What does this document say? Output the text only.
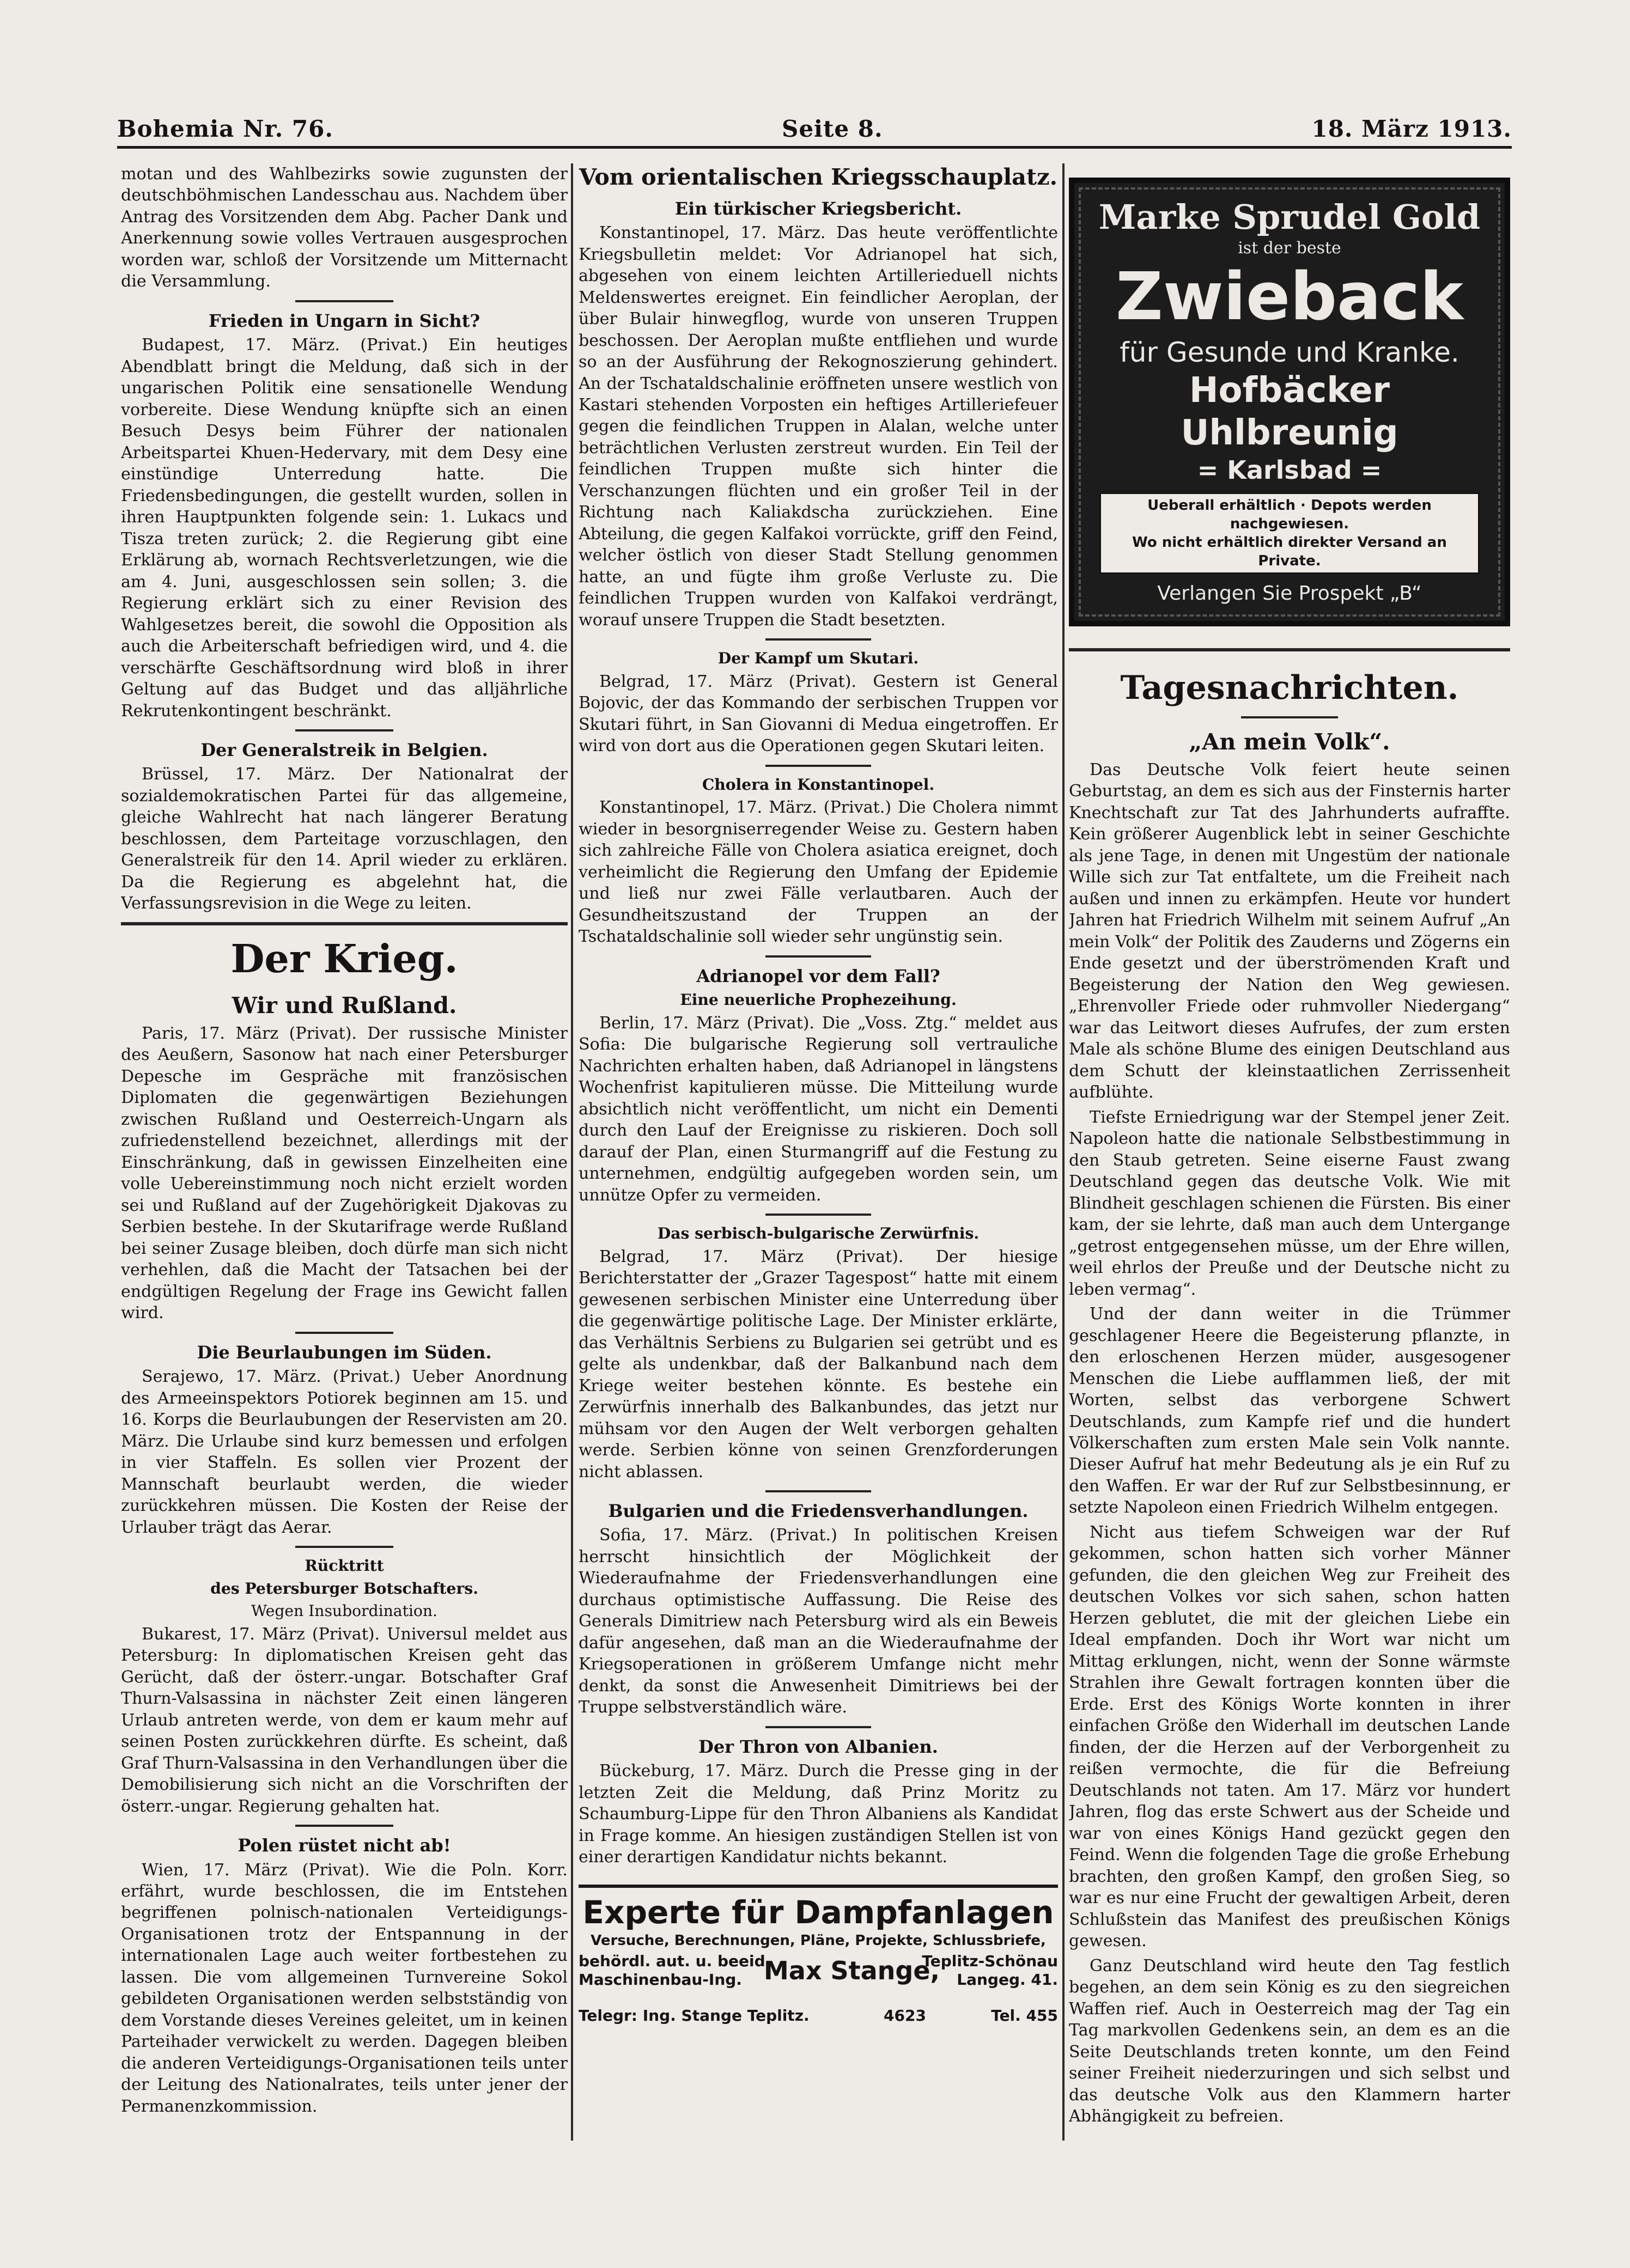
Bohemia Nr. 76.	Seite 8.	18. März 1913.

motan und des Wahlbezirks sowie zugunsten der deutschböhmischen Landesschau aus. Nachdem über Antrag des Vorsitzenden dem Abg. Pacher Dank und Anerkennung sowie volles Vertrauen ausgesprochen worden war, schloß der Vorsitzende um Mitternacht die Versammlung.

Frieden in Ungarn in Sicht?

Budapest, 17. März. (Privat.) Ein heutiges Abendblatt bringt die Meldung, daß sich in der ungarischen Politik eine sensationelle Wendung vorbereite. Diese Wendung knüpfte sich an einen Besuch Desys beim Führer der nationalen Arbeitspartei Khuen-Hedervary, mit dem Desy eine einstündige Unterredung hatte. Die Friedensbedingungen, die gestellt wurden, sollen in ihren Hauptpunkten folgende sein: 1. Lukacs und Tisza treten zurück; 2. die Regierung gibt eine Erklärung ab, wornach Rechtsverletzungen, wie die am 4. Juni, ausgeschlossen sein sollen; 3. die Regierung erklärt sich zu einer Revision des Wahlgesetzes bereit, die sowohl die Opposition als auch die Arbeiterschaft befriedigen wird, und 4. die verschärfte Geschäftsordnung wird bloß in ihrer Geltung auf das Budget und das alljährliche Rekrutenkontingent beschränkt.

Der Generalstreik in Belgien.

Brüssel, 17. März. Der Nationalrat der sozialdemokratischen Partei für das allgemeine, gleiche Wahlrecht hat nach längerer Beratung beschlossen, dem Parteitage vorzuschlagen, den Generalstreik für den 14. April wieder zu erklären. Da die Regierung es abgelehnt hat, die Verfassungsrevision in die Wege zu leiten.

Der Krieg.
Wir und Rußland.

Paris, 17. März (Privat). Der russische Minister des Aeußern, Sasonow hat nach einer Petersburger Depesche im Gespräche mit französischen Diplomaten die gegenwärtigen Beziehungen zwischen Rußland und Oesterreich-Ungarn als zufriedenstellend bezeichnet, allerdings mit der Einschränkung, daß in gewissen Einzelheiten eine volle Uebereinstimmung noch nicht erzielt worden sei und Rußland auf der Zugehörigkeit Djakovas zu Serbien bestehe. In der Skutarifrage werde Rußland bei seiner Zusage bleiben, doch dürfe man sich nicht verhehlen, daß die Macht der Tatsachen bei der endgültigen Regelung der Frage ins Gewicht fallen wird.

Die Beurlaubungen im Süden.

Serajewo, 17. März. (Privat.) Ueber Anordnung des Armeeinspektors Potiorek beginnen am 15. und 16. Korps die Beurlaubungen der Reservisten am 20. März. Die Urlaube sind kurz bemessen und erfolgen in vier Staffeln. Es sollen vier Prozent der Mannschaft beurlaubt werden, die wieder zurückkehren müssen. Die Kosten der Reise der Urlauber trägt das Aerar.

Rücktritt
des Petersburger Botschafters.
Wegen Insubordination.

Bukarest, 17. März (Privat). Universul meldet aus Petersburg: In diplomatischen Kreisen geht das Gerücht, daß der österr.-ungar. Botschafter Graf Thurn-Valsassina in nächster Zeit einen längeren Urlaub antreten werde, von dem er kaum mehr auf seinen Posten zurückkehren dürfte. Es scheint, daß Graf Thurn-Valsassina in den Verhandlungen über die Demobilisierung sich nicht an die Vorschriften der österr.-ungar. Regierung gehalten hat.

Polen rüstet nicht ab!

Wien, 17. März (Privat). Wie die Poln. Korr. erfährt, wurde beschlossen, die im Entstehen begriffenen polnisch-nationalen Verteidigungs-Organisationen trotz der Entspannung in der internationalen Lage auch weiter fortbestehen zu lassen. Die vom allgemeinen Turnvereine Sokol gebildeten Organisationen werden selbstständig von dem Vorstande dieses Vereines geleitet, um in keinen Parteihader verwickelt zu werden. Dagegen bleiben die anderen Verteidigungs-Organisationen teils unter der Leitung des Nationalrates, teils unter jener der Permanenzkommission.

Vom orientalischen Kriegsschauplatz.
Ein türkischer Kriegsbericht.

Konstantinopel, 17. März. Das heute veröffentlichte Kriegsbulletin meldet: Vor Adrianopel hat sich, abgesehen von einem leichten Artillerieduell nichts Meldenswertes ereignet. Ein feindlicher Aeroplan, der über Bulair hinwegflog, wurde von unseren Truppen beschossen. Der Aeroplan mußte entfliehen und wurde so an der Ausführung der Rekognoszierung gehindert. An der Tschataldschalinie eröffneten unsere westlich von Kastari stehenden Vorposten ein heftiges Artilleriefeuer gegen die feindlichen Truppen in Alalan, welche unter beträchtlichen Verlusten zerstreut wurden. Ein Teil der feindlichen Truppen mußte sich hinter die Verschanzungen flüchten und ein großer Teil in der Richtung nach Kaliakdscha zurückziehen. Eine Abteilung, die gegen Kalfakoi vorrückte, griff den Feind, welcher östlich von dieser Stadt Stellung genommen hatte, an und fügte ihm große Verluste zu. Die feindlichen Truppen wurden von Kalfakoi verdrängt, worauf unsere Truppen die Stadt besetzten.

Der Kampf um Skutari.

Belgrad, 17. März (Privat). Gestern ist General Bojovic, der das Kommando der serbischen Truppen vor Skutari führt, in San Giovanni di Medua eingetroffen. Er wird von dort aus die Operationen gegen Skutari leiten.

Cholera in Konstantinopel.

Konstantinopel, 17. März. (Privat.) Die Cholera nimmt wieder in besorgniserregender Weise zu. Gestern haben sich zahlreiche Fälle von Cholera asiatica ereignet, doch verheimlicht die Regierung den Umfang der Epidemie und ließ nur zwei Fälle verlautbaren. Auch der Gesundheitszustand der Truppen an der Tschataldschalinie soll wieder sehr ungünstig sein.

Adrianopel vor dem Fall?
Eine neuerliche Prophezeihung.

Berlin, 17. März (Privat). Die „Voss. Ztg.“ meldet aus Sofia: Die bulgarische Regierung soll vertrauliche Nachrichten erhalten haben, daß Adrianopel in längstens Wochenfrist kapitulieren müsse. Die Mitteilung wurde absichtlich nicht veröffentlicht, um nicht ein Dementi durch den Lauf der Ereignisse zu riskieren. Doch soll darauf der Plan, einen Sturmangriff auf die Festung zu unternehmen, endgültig aufgegeben worden sein, um unnütze Opfer zu vermeiden.

Das serbisch-bulgarische Zerwürfnis.

Belgrad, 17. März (Privat). Der hiesige Berichterstatter der „Grazer Tagespost“ hatte mit einem gewesenen serbischen Minister eine Unterredung über die gegenwärtige politische Lage. Der Minister erklärte, das Verhältnis Serbiens zu Bulgarien sei getrübt und es gelte als undenkbar, daß der Balkanbund nach dem Kriege weiter bestehen könnte. Es bestehe ein Zerwürfnis innerhalb des Balkanbundes, das jetzt nur mühsam vor den Augen der Welt verborgen gehalten werde. Serbien könne von seinen Grenzforderungen nicht ablassen.

Bulgarien und die Friedensverhandlungen.

Sofia, 17. März. (Privat.) In politischen Kreisen herrscht hinsichtlich der Möglichkeit der Wiederaufnahme der Friedensverhandlungen eine durchaus optimistische Auffassung. Die Reise des Generals Dimitriew nach Petersburg wird als ein Beweis dafür angesehen, daß man an die Wiederaufnahme der Kriegsoperationen in größerem Umfange nicht mehr denkt, da sonst die Anwesenheit Dimitriews bei der Truppe selbstverständlich wäre.

Der Thron von Albanien.

Bückeburg, 17. März. Durch die Presse ging in der letzten Zeit die Meldung, daß Prinz Moritz zu Schaumburg-Lippe für den Thron Albaniens als Kandidat in Frage komme. An hiesigen zuständigen Stellen ist von einer derartigen Kandidatur nichts bekannt.

Experte für Dampfanlagen
Versuche, Berechnungen, Pläne, Projekte, Schlussbriefe,
behördl. aut. u. beeid.
Maschinenbau-Ing. Max Stange,
Teplitz-Schönau
Langeg. 41.
Telegr: Ing. Stange Teplitz.	4623	Tel. 455
Marke Sprudel Gold
ist der beste
Zwieback
für Gesunde und Kranke.
Hofbäcker Uhlbreunig
= Karlsbad =
Ueberall erhältlich · Depots werden nachgewiesen.
Wo nicht erhältlich direkter Versand an Private.
Verlangen Sie Prospekt „B“
Tagesnachrichten.
„An mein Volk“.

Das Deutsche Volk feiert heute seinen Geburtstag, an dem es sich aus der Finsternis harter Knechtschaft zur Tat des Jahrhunderts aufraffte. Kein größerer Augenblick lebt in seiner Geschichte als jene Tage, in denen mit Ungestüm der nationale Wille sich zur Tat entfaltete, um die Freiheit nach außen und innen zu erkämpfen. Heute vor hundert Jahren hat Friedrich Wilhelm mit seinem Aufruf „An mein Volk“ der Politik des Zauderns und Zögerns ein Ende gesetzt und der überströmenden Kraft und Begeisterung der Nation den Weg gewiesen. „Ehrenvoller Friede oder ruhmvoller Niedergang“ war das Leitwort dieses Aufrufes, der zum ersten Male als schöne Blume des einigen Deutschland aus dem Schutt der kleinstaatlichen Zerrissenheit aufblühte.

Tiefste Erniedrigung war der Stempel jener Zeit. Napoleon hatte die nationale Selbstbestimmung in den Staub getreten. Seine eiserne Faust zwang Deutschland gegen das deutsche Volk. Wie mit Blindheit geschlagen schienen die Fürsten. Bis einer kam, der sie lehrte, daß man auch dem Untergange „getrost entgegensehen müsse, um der Ehre willen, weil ehrlos der Preuße und der Deutsche nicht zu leben vermag“.

Und der dann weiter in die Trümmer geschlagener Heere die Begeisterung pflanzte, in den erloschenen Herzen müder, ausgesogener Menschen die Liebe aufflammen ließ, der mit Worten, selbst das verborgene Schwert Deutschlands, zum Kampfe rief und die hundert Völkerschaften zum ersten Male sein Volk nannte. Dieser Aufruf hat mehr Bedeutung als je ein Ruf zu den Waffen. Er war der Ruf zur Selbstbesinnung, er setzte Napoleon einen Friedrich Wilhelm entgegen.

Nicht aus tiefem Schweigen war der Ruf gekommen, schon hatten sich vorher Männer gefunden, die den gleichen Weg zur Freiheit des deutschen Volkes vor sich sahen, schon hatten Herzen geblutet, die mit der gleichen Liebe ein Ideal empfanden. Doch ihr Wort war nicht um Mittag erklungen, nicht, wenn der Sonne wärmste Strahlen ihre Gewalt fortragen konnten über die Erde. Erst des Königs Worte konnten in ihrer einfachen Größe den Widerhall im deutschen Lande finden, der die Herzen auf der Verborgenheit zu reißen vermochte, die für die Befreiung Deutschlands not taten. Am 17. März vor hundert Jahren, flog das erste Schwert aus der Scheide und war von eines Königs Hand gezückt gegen den Feind. Wenn die folgenden Tage die große Erhebung brachten, den großen Kampf, den großen Sieg, so war es nur eine Frucht der gewaltigen Arbeit, deren Schlußstein das Manifest des preußischen Königs gewesen.

Ganz Deutschland wird heute den Tag festlich begehen, an dem sein König es zu den siegreichen Waffen rief. Auch in Oesterreich mag der Tag ein Tag markvollen Gedenkens sein, an dem es an die Seite Deutschlands treten konnte, um den Feind seiner Freiheit niederzuringen und sich selbst und das deutsche Volk aus den Klammern harter Abhängigkeit zu befreien.
